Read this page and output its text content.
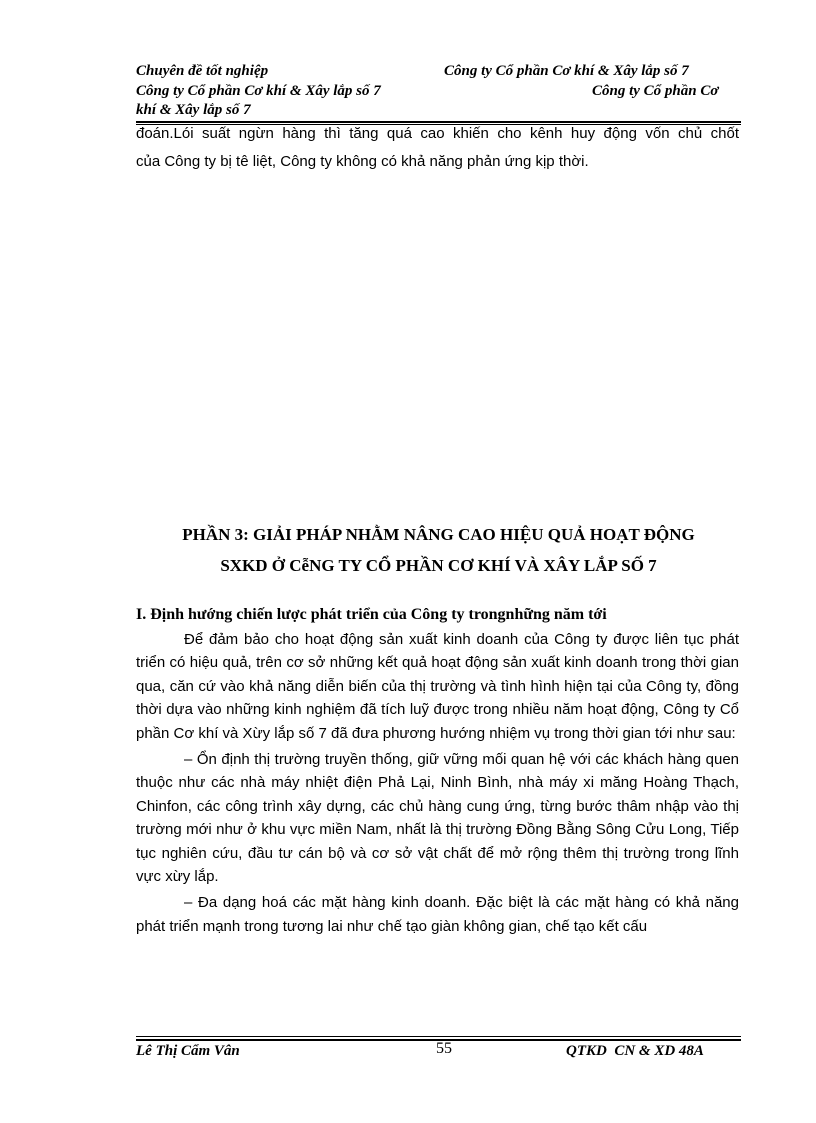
Chuyên đề tốt nghiệp	Công ty Cổ phần Cơ khí & Xây lắp số 7
Công ty Cổ phần Cơ khí & Xây lắp số 7	Công ty Cổ phần Cơ
khí & Xây lắp số 7

đoán.Lói suất ngừn hàng thì tăng quá cao khiến cho kênh huy động vốn chủ chốt

của Công ty bị tê liệt, Công ty không có khả năng phản ứng kịp thời.

PHẦN 3: GIẢI PHÁP NHẰM NÂNG CAO HIỆU QUẢ HOẠT ĐỘNG
SXKD Ở CễNG TY CỔ PHẦN CƠ KHÍ VÀ XÂY LẮP SỐ 7
I. Định hướng chiến lược phát triển của Công ty trongnhững năm tới

Để đảm bảo cho hoạt động sản xuất kinh doanh của Công ty được liên tục phát triển có hiệu quả, trên cơ sở những kết quả hoạt động sản xuất kinh doanh trong thời gian qua, căn cứ vào khả năng diễn biến của thị trường và tình hình hiện tại của Công ty, đồng thời dựa vào những kinh nghiệm đã tích luỹ được trong nhiều năm hoạt động, Công ty Cổ phần Cơ khí và Xừy lắp số 7 đã đưa phương hướng nhiệm vụ trong thời gian tới như sau:

– Ổn định thị trường truyền thống, giữ vững mối quan hệ với các khách hàng quen thuộc như các nhà máy nhiệt điện Phả Lại, Ninh Bình, nhà máy xi măng Hoàng Thạch, Chinfon, các công trình xây dựng, các chủ hàng cung ứng, từng bước thâm nhập vào thị trường mới như ở khu vực miền Nam, nhất là thị trường Đồng Bằng Sông Cửu Long, Tiếp tục nghiên cứu, đầu tư cán bộ và cơ sở vật chất để mở rộng thêm thị trường trong lĩnh vực xừy lắp.

– Đa dạng hoá các mặt hàng kinh doanh. Đặc biệt là các mặt hàng có khả năng phát triển mạnh trong tương lai như chế tạo giàn không gian, chế tạo kết cấu

Lê Thị Cẩm Vân	55	QTKD  CN & XD 48A
